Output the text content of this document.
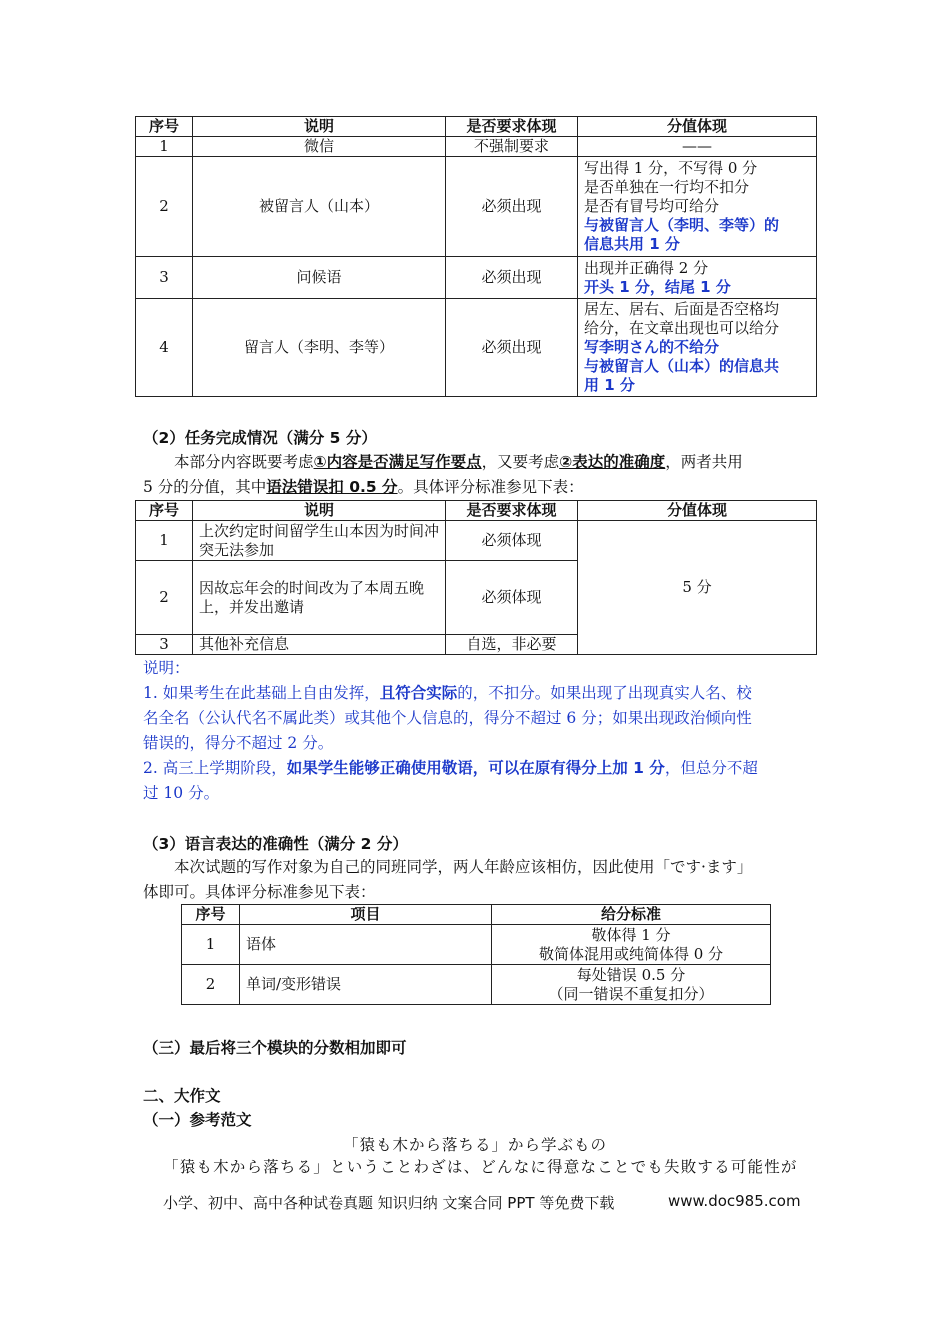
序号	说明	是否要求体现	分值体现
1	微信	不强制要求	——
2	被留言人（山本）	必须出现	写出得 1 分，不写得 0 分
是否单独在一行均不扣分
是否有冒号均可给分
与被留言人（李明、李等）的
信息共用 1 分

3	问候语	必须出现	出现并正确得 2 分
开头 1 分，结尾 1 分

4	留言人（李明、李等）	必须出现	居左、居右、后面是否空格均
给分，在文章出现也可以给分
写李明さん的不给分
与被留言人（山本）的信息共
用 1 分
（2）任务完成情况（满分 5 分）
本部分内容既要考虑①内容是否满足写作要点，又要考虑②表达的准确度，两者共用
5 分的分值，其中语法错误扣 0.5 分。具体评分标准参见下表：
序号	说明	是否要求体现	分值体现
1	上次约定时间留学生山本因为时间冲突无法参加	必须体现	5 分
2	因故忘年会的时间改为了本周五晚上，并发出邀请	必须体现	
3	其他补充信息	自选，非必要	
说明：
1. 如果考生在此基础上自由发挥，且符合实际的，不扣分。如果出现了出现真实人名、校
名全名（公认代名不属此类）或其他个人信息的，得分不超过 6 分；如果出现政治倾向性
错误的，得分不超过 2 分。
2. 高三上学期阶段，如果学生能够正确使用敬语，可以在原有得分上加 1 分，但总分不超
过 10 分。
（3）语言表达的准确性（满分 2 分）
本次试题的写作对象为自己的同班同学，两人年龄应该相仿，因此使用「です·ます」
体即可。具体评分标准参见下表：
序号	项目	给分标准
1	语体	敬体得 1 分
敬简体混用或纯简体得 0 分

2	单词/变形错误	每处错误 0.5 分
（同一错误不重复扣分）
（三）最后将三个模块的分数相加即可
二、大作文
（一）参考范文
「猿も木から落ちる」から学ぶもの
「猿も木から落ちる」ということわざは、どんなに得意なことでも失敗する可能性が
小学、初中、高中各种试卷真题 知识归纳 文案合同 PPT 等免费下载	www.doc985.com
